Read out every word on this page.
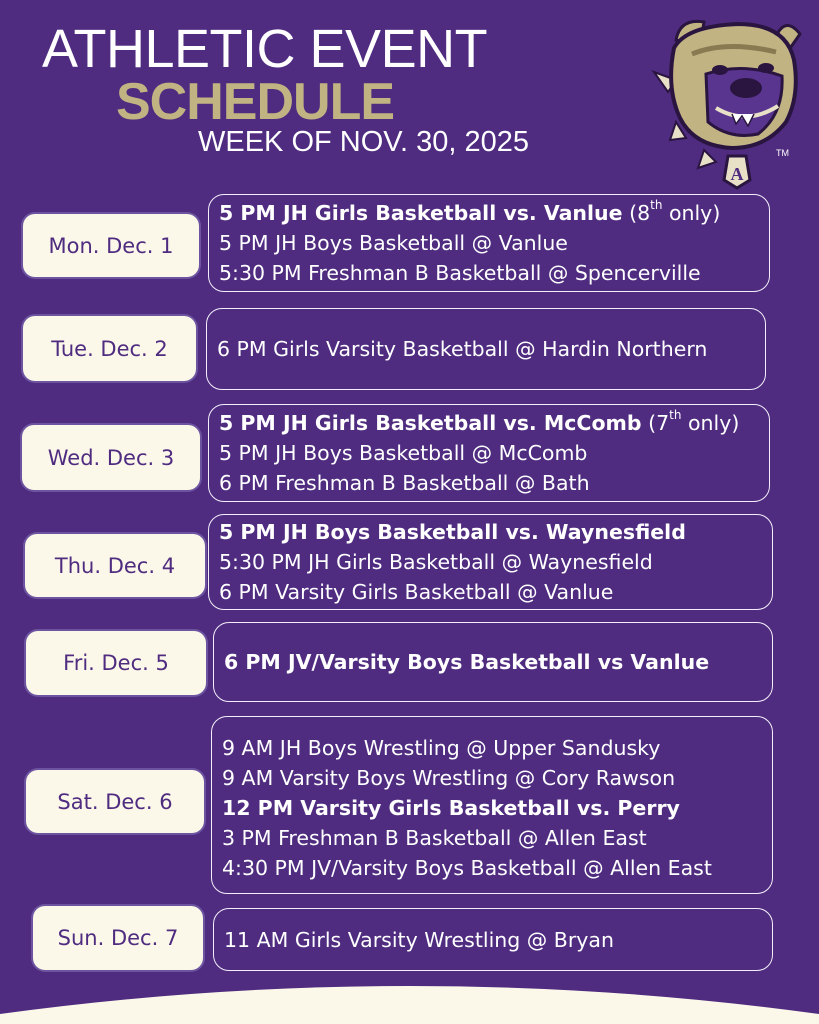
ATHLETIC EVENT
SCHEDULE
WEEK OF NOV. 30, 2025
A
TM
Mon. Dec. 1
5 PM JH Girls Basketball vs. Vanlue (8th only)
5 PM JH Boys Basketball @ Vanlue
5:30 PM Freshman B Basketball @ Spencerville
Tue. Dec. 2	6 PM Girls Varsity Basketball @ Hardin Northern
Wed. Dec. 3
5 PM JH Girls Basketball vs. McComb (7th only)
5 PM JH Boys Basketball @ McComb
6 PM Freshman B Basketball @ Bath
Thu. Dec. 4
5 PM JH Boys Basketball vs. Waynesfield
5:30 PM JH Girls Basketball @ Waynesfield
6 PM Varsity Girls Basketball @ Vanlue
Fri. Dec. 5	6 PM JV/Varsity Boys Basketball vs Vanlue
Sat. Dec. 6
9 AM JH Boys Wrestling @ Upper Sandusky
9 AM Varsity Boys Wrestling @ Cory Rawson
12 PM Varsity Girls Basketball vs. Perry
3 PM Freshman B Basketball @ Allen East
4:30 PM JV/Varsity Boys Basketball @ Allen East
Sun. Dec. 7	11 AM Girls Varsity Wrestling @ Bryan
